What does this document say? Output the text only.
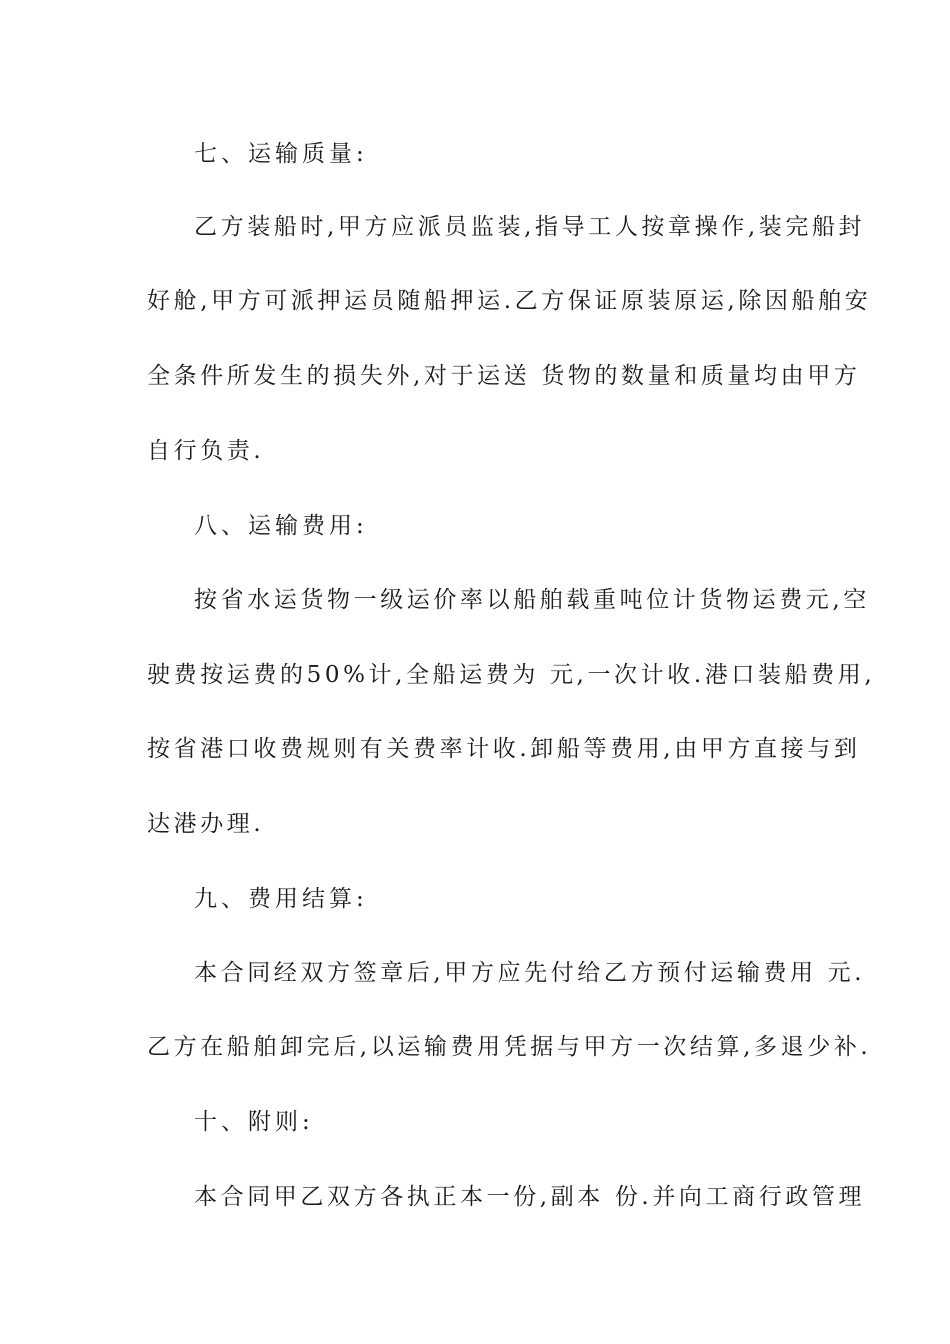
七、运输质量:
乙方装船时,甲方应派员监装,指导工人按章操作,装完船封
好舱,甲方可派押运员随船押运.乙方保证原装原运,除因船舶安
全条件所发生的损失外,对于运送 货物的数量和质量均由甲方
自行负责.
八、运输费用:
按省水运货物一级运价率以船舶载重吨位计货物运费元,空
驶费按运费的50%计,全船运费为 元,一次计收.港口装船费用,
按省港口收费规则有关费率计收.卸船等费用,由甲方直接与到
达港办理.
九、费用结算:
本合同经双方签章后,甲方应先付给乙方预付运输费用 元.
乙方在船舶卸完后,以运输费用凭据与甲方一次结算,多退少补.
十、附则:
本合同甲乙双方各执正本一份,副本 份.并向工商行政管理
